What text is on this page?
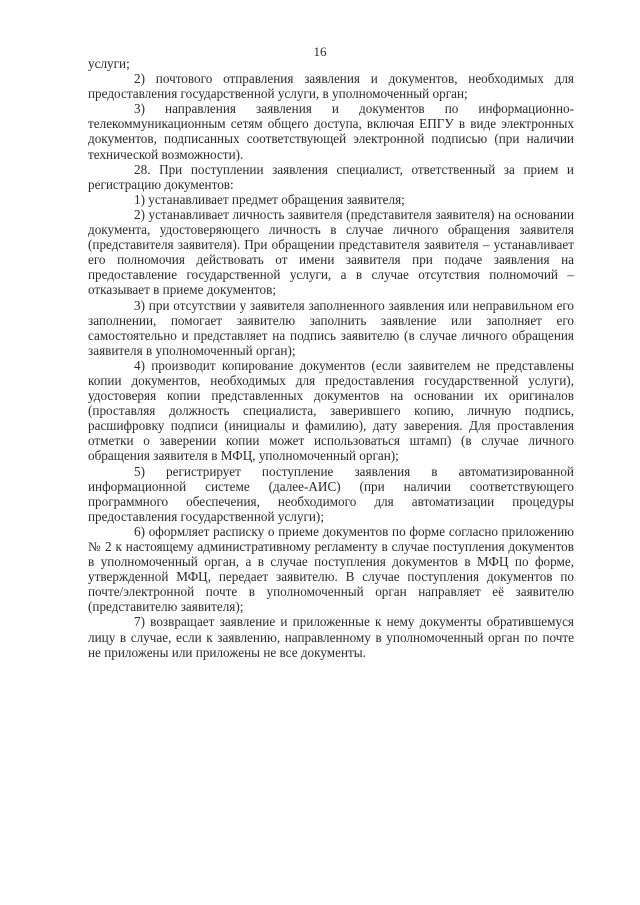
16

услуги;

2) почтового отправления заявления и документов, необходимых для предоставления государственной услуги, в уполномоченный орган;

3) направления заявления и документов по информационно-телекоммуникационным сетям общего доступа, включая ЕПГУ в виде электронных документов, подписанных соответствующей электронной подписью (при наличии технической возможности).

28. При поступлении заявления специалист, ответственный за прием и регистрацию документов:

1) устанавливает предмет обращения заявителя;

2) устанавливает личность заявителя (представителя заявителя) на основании документа, удостоверяющего личность в случае личного обращения заявителя (представителя заявителя). При обращении представителя заявителя – устанавливает его полномочия действовать от имени заявителя при подаче заявления на предоставление государственной услуги, а в случае отсутствия полномочий – отказывает в приеме документов;

3) при отсутствии у заявителя заполненного заявления или неправильном его заполнении, помогает заявителю заполнить заявление или заполняет его самостоятельно и представляет на подпись заявителю (в случае личного обращения заявителя в уполномоченный орган);

4) производит копирование документов (если заявителем не представлены копии документов, необходимых для предоставления государственной услуги), удостоверяя копии представленных документов на основании их оригиналов (проставляя должность специалиста, заверившего копию, личную подпись, расшифровку подписи (инициалы и фамилию), дату заверения. Для проставления отметки о заверении копии может использоваться штамп) (в случае личного обращения заявителя в МФЦ, уполномоченный орган);

5) регистрирует поступление заявления в автоматизированной информационной системе (далее-АИС) (при наличии соответствующего программного обеспечения, необходимого для автоматизации процедуры предоставления государственной услуги);

6) оформляет расписку о приеме документов по форме согласно приложению № 2 к настоящему административному регламенту в случае поступления документов в уполномоченный орган, а в случае поступления документов в МФЦ по форме, утвержденной МФЦ, передает заявителю. В случае поступления документов по почте/электронной почте в уполномоченный орган направляет её заявителю (представителю заявителя);

7) возвращает заявление и приложенные к нему документы обратившемуся лицу в случае, если к заявлению, направленному в уполномоченный орган по почте не приложены или приложены не все документы.
